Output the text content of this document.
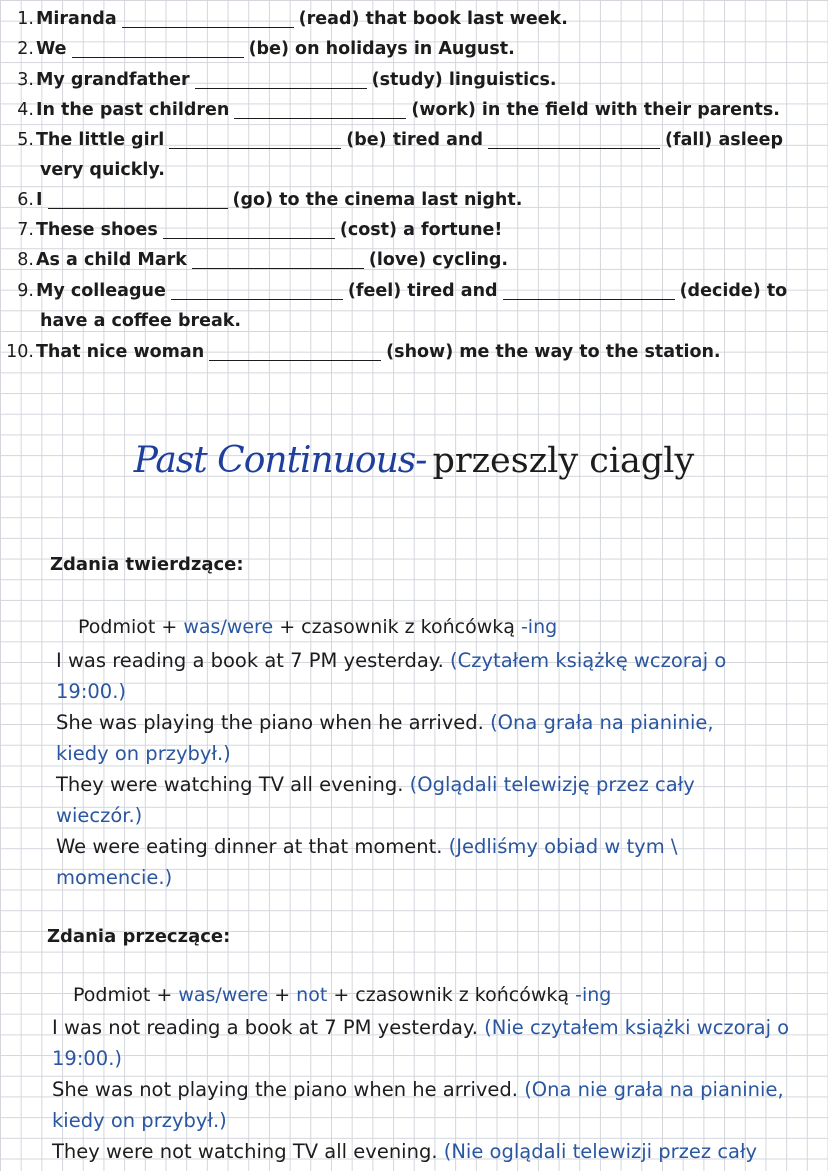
1. Miranda	(read) that book last week.
2. We	(be) on holidays in August.
3. My grandfather	(study) linguistics.
4. In the past children	(work) in the field with their parents.
5. The little girl	(be) tired and	(fall) asleep
very quickly.
6. I	(go) to the cinema last night.
7. These shoes	(cost) a fortune!
8. As a child Mark	(love) cycling.
9. My colleague	(feel) tired and	(decide) to
have a coffee break.
10. That nice woman	(show) me the way to the station.
Past Continuous- przeszly ciagly
Zdania twierdzące:
Podmiot + was/were + czasownik z końcówką -ing
I was reading a book at 7 PM yesterday. (Czytałem książkę wczoraj o
19:00.)
She was playing the piano when he arrived. (Ona grała na pianinie,
kiedy on przybył.)
They were watching TV all evening. (Oglądali telewizję przez cały
wieczór.)
We were eating dinner at that moment. (Jedliśmy obiad w tym \
momencie.)
Zdania przeczące:
Podmiot + was/were + not + czasownik z końcówką -ing
I was not reading a book at 7 PM yesterday. (Nie czytałem książki wczoraj o
19:00.)
She was not playing the piano when he arrived. (Ona nie grała na pianinie,
kiedy on przybył.)
They were not watching TV all evening. (Nie oglądali telewizji przez cały
